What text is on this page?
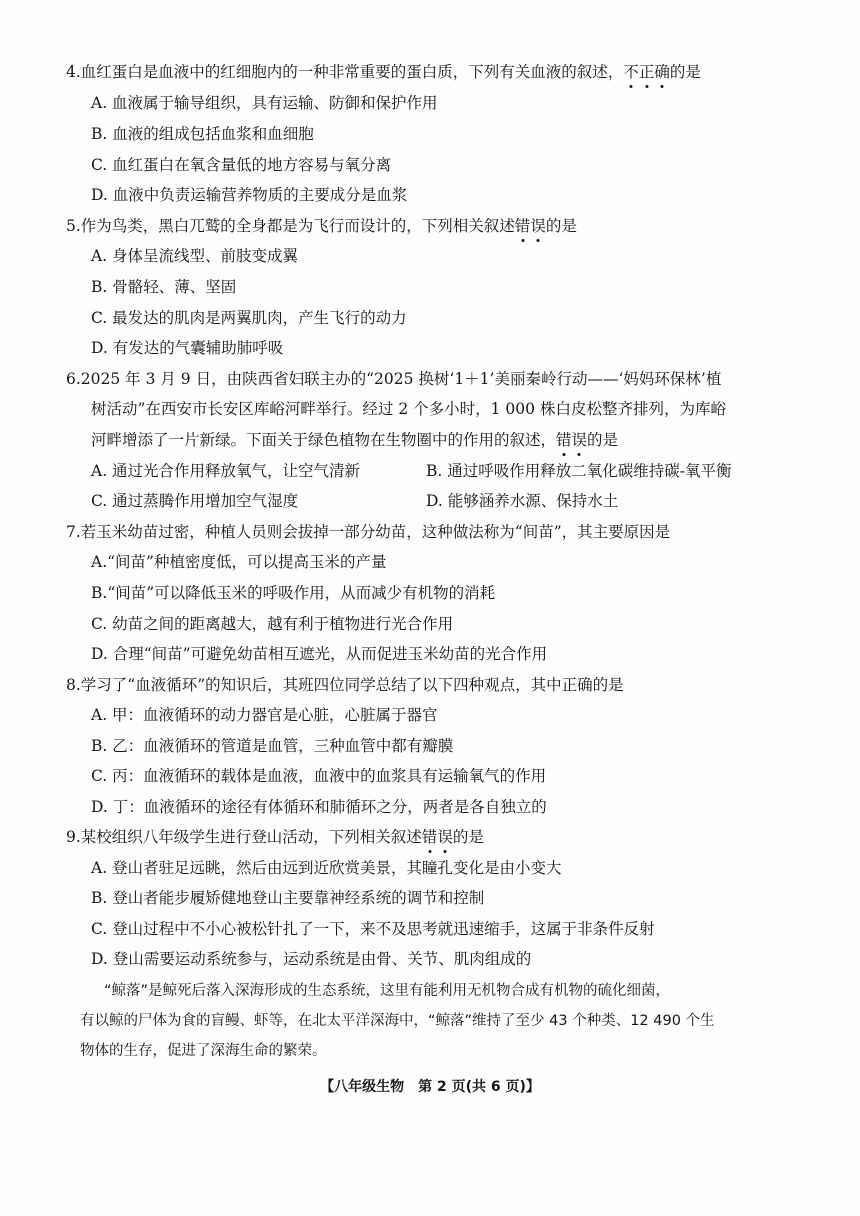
4.血红蛋白是血液中的红细胞内的一种非常重要的蛋白质，下列有关血液的叙述，不正确的是
A. 血液属于输导组织，具有运输、防御和保护作用
B. 血液的组成包括血浆和血细胞
C. 血红蛋白在氧含量低的地方容易与氧分离
D. 血液中负责运输营养物质的主要成分是血浆
5.作为鸟类，黑白兀鹫的全身都是为飞行而设计的，下列相关叙述错误的是
A. 身体呈流线型、前肢变成翼
B. 骨骼轻、薄、坚固
C. 最发达的肌肉是两翼肌肉，产生飞行的动力
D. 有发达的气囊辅助肺呼吸
6.2025 年 3 月 9 日，由陕西省妇联主办的“2025 换树‘1＋1’美丽秦岭行动——‘妈妈环保林’植
树活动”在西安市长安区库峪河畔举行。经过 2 个多小时，1 000 株白皮松整齐排列，为库峪
河畔增添了一片新绿。下面关于绿色植物在生物圈中的作用的叙述，错误的是
A. 通过光合作用释放氧气，让空气清新	B. 通过呼吸作用释放二氧化碳维持碳-氧平衡
C. 通过蒸腾作用增加空气湿度	D. 能够涵养水源、保持水土
7.若玉米幼苗过密，种植人员则会拔掉一部分幼苗，这种做法称为“间苗”，其主要原因是
A.“间苗”种植密度低，可以提高玉米的产量
B.“间苗”可以降低玉米的呼吸作用，从而减少有机物的消耗
C. 幼苗之间的距离越大，越有利于植物进行光合作用
D. 合理“间苗”可避免幼苗相互遮光，从而促进玉米幼苗的光合作用
8.学习了“血液循环”的知识后，其班四位同学总结了以下四种观点，其中正确的是
A. 甲：血液循环的动力器官是心脏，心脏属于器官
B. 乙：血液循环的管道是血管，三种血管中都有瓣膜
C. 丙：血液循环的载体是血液，血液中的血浆具有运输氧气的作用
D. 丁：血液循环的途径有体循环和肺循环之分，两者是各自独立的
9.某校组织八年级学生进行登山活动，下列相关叙述错误的是
A. 登山者驻足远眺，然后由远到近欣赏美景，其瞳孔变化是由小变大
B. 登山者能步履矫健地登山主要靠神经系统的调节和控制
C. 登山过程中不小心被松针扎了一下，来不及思考就迅速缩手，这属于非条件反射
D. 登山需要运动系统参与，运动系统是由骨、关节、肌肉组成的
“鲸落”是鲸死后落入深海形成的生态系统，这里有能利用无机物合成有机物的硫化细菌，
有以鲸的尸体为食的盲鳗、虾等，在北太平洋深海中，“鲸落”维持了至少 43 个种类、12 490 个生
物体的生存，促进了深海生命的繁荣。
【八年级生物　第 2 页(共 6 页)】
